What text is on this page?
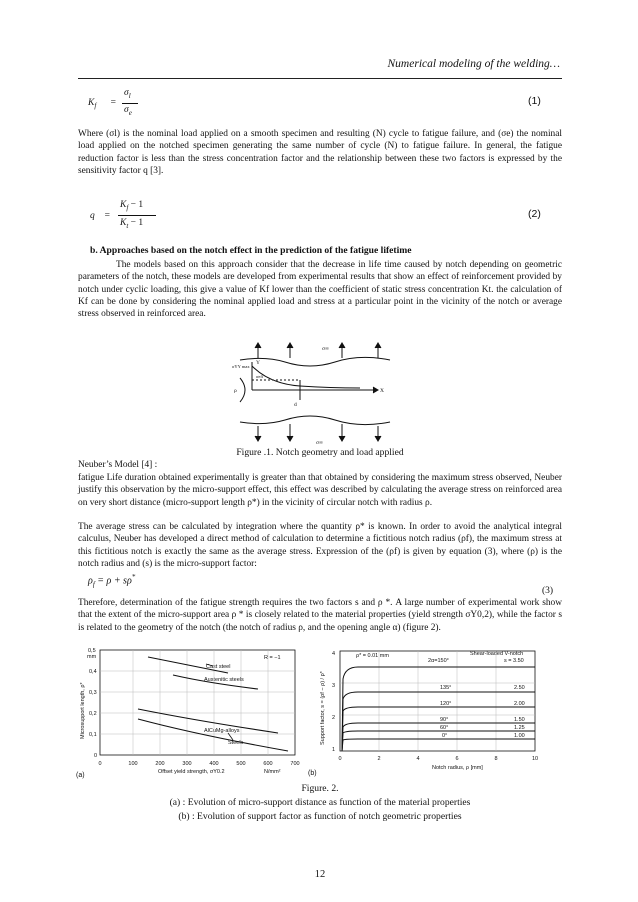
Numerical modeling of the welding…
$K_f$ =
$\sigma_l$
$\sigma_e$
(1)
Where (σl) is the nominal load applied on a smooth specimen and resulting (N) cycle to fatigue failure, and (σe) the nominal load applied on the notched specimen generating the same number of cycle (N) to fatigue failure. In general, the fatigue reduction factor is less than the stress concentration factor and the relationship between these two factors is expressed by the sensitivity factor q [3].
q =
$K_f - 1$
$K_t - 1$
(2)
b. Approaches based on the notch effect in the prediction of the fatigue lifetime
The models based on this approach consider that the decrease in life time caused by notch depending on geometric parameters of the notch, these models are developed from experimental results that show an effect of reinforcement provided by notch under cyclic loading, this give a value of Kf lower than the coefficient of static stress concentration Kt. the calculation of Kf can be done by considering the nominal applied load and stress at a particular point in the vicinity of the notch or average stress observed in reinforced area.
σ∞
σ∞
σYY max
Y
X
ρ
σeff
d
Figure .1. Notch geometry and load applied
Neuber’s Model [4] :
fatigue Life duration obtained experimentally is greater than that obtained by considering the maximum stress observed, Neuber justify this observation by the micro-support effect, this effect was described by calculating the average stress on reinforced area on very short distance (micro-support length ρ*) in the vicinity of circular notch with radius ρ.
The average stress can be calculated by integration where the quantity ρ* is known. In order to avoid the analytical integral calculus, Neuber has developed a direct method of calculation to determine a fictitious notch radius (ρf), the maximum stress at this fictitious notch is exactly the same as the average stress. Expression of the (ρf) is given by equation (3), where (ρ) is the notch radius and (s) is the micro-support factor:
$\rho_f = \rho + s\rho^*$
(3)
Therefore, determination of the fatigue strength requires the two factors s and ρ *. A large number of experimental work show that the extent of the micro-support area ρ * is closely related to the material properties (yield strength σY0,2), while the factor s is related to the geometry of the notch (the notch of radius ρ, and the opening angle α) (figure 2).
Microsupport length, ρ*
mm	R = −1
0,5
0,4
0,3
0,2
0,1
0
0	100	200	300	400	500	600	700
Offset yield strength, σY0.2	N/mm²
(a)
Cast steel
Austenitic steels
AlCuMg-alloys
Steels
(b)
Support factor, s = (ρf − ρ) / ρ*
4
3
2
1
0	2	4	6	8	10
Notch radius, ρ [mm]
ρ* = 0.01 mm	Shear-loaded V-notch
2α=150°	s = 3.50
135°	2.50
120°	2.00
90°	1.50
60°	1.25
0°	1.00
Figure. 2.
(a) : Evolution of micro-support distance as function of the material properties
(b) : Evolution of support factor as function of notch geometric properties
12
